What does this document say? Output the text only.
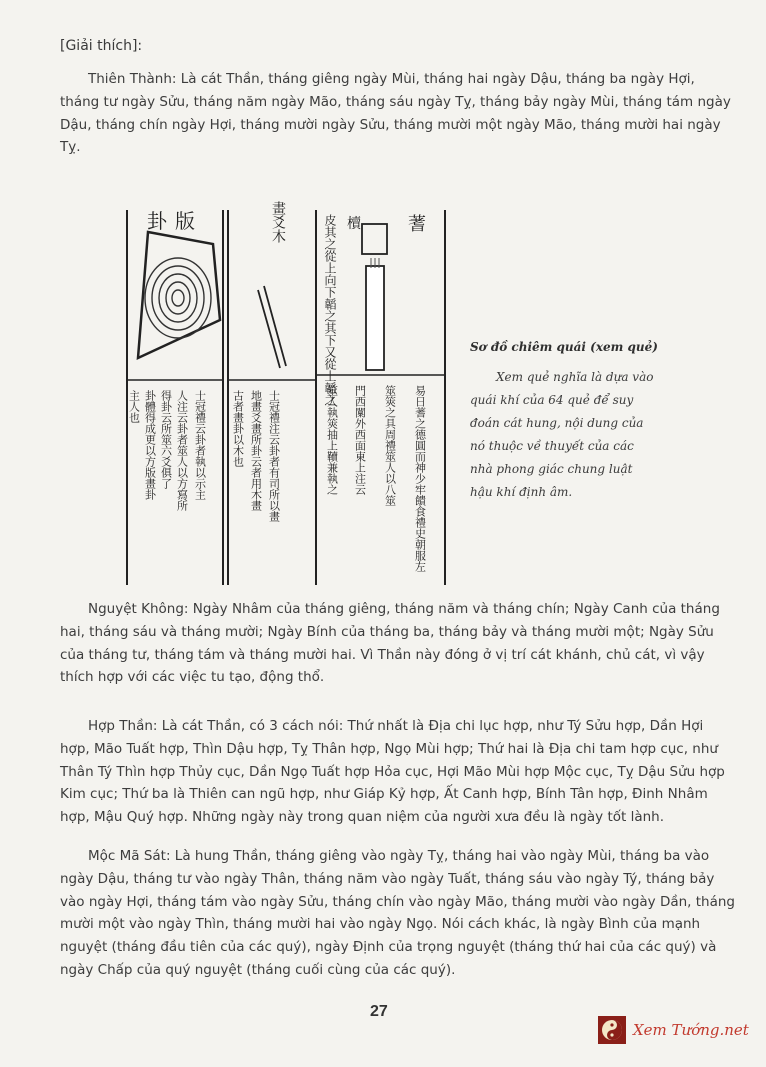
[Giải thích]:

Thiên Thành: Là cát Thần, tháng giêng ngày Mùi, tháng hai ngày Dậu, tháng ba ngày Hợi, tháng tư ngày Sửu, tháng năm ngày Mão, tháng sáu ngày Tỵ, tháng bảy ngày Mùi, tháng tám ngày Dậu, tháng chín ngày Hợi, tháng mười ngày Sửu, tháng mười một ngày Mão, tháng mười hai ngày Tỵ.

卦版	畫爻木	蓍
櫝
皮其之從上向下韜之其下又從上韜之
主人也 卦體得成更以方版畫卦 得卦云所筮六爻俱了 人注云卦者筮人以方寫所 士冠禮云卦者執以示主 古者畫卦以木也 地畫爻畫所卦云者用木畫 士冠禮注云卦者有司所以畫	筮人執筴抽上韇兼執之 門西闑外西面東上注云 筮筴之具周禮筮人以八筮 易日蓍之德圓而神少牢饋食禮史朝服左
Sơ đồ chiêm quái (xem quẻ)

Xem quẻ nghĩa là dựa vào quái khí của 64 quẻ để suy đoán cát hung, nội dung của nó thuộc về thuyết của các nhà phong giác chung luật hậu khí định âm.

Nguyệt Không: Ngày Nhâm của tháng giêng, tháng năm và tháng chín; Ngày Canh của tháng hai, tháng sáu và tháng mười; Ngày Bính của tháng ba, tháng bảy và tháng mười một; Ngày Sửu của tháng tư, tháng tám và tháng mười hai. Vì Thần này đóng ở vị trí cát khánh, chủ cát, vì vậy thích hợp với các việc tu tạo, động thổ.

Hợp Thần: Là cát Thần, có 3 cách nói: Thứ nhất là Địa chi lục hợp, như Tý Sửu hợp, Dần Hợi hợp, Mão Tuất hợp, Thìn Dậu hợp, Tỵ Thân hợp, Ngọ Mùi hợp; Thứ hai là Địa chi tam hợp cục, như Thân Tý Thìn hợp Thủy cục, Dần Ngọ Tuất hợp Hỏa cục, Hợi Mão Mùi hợp Mộc cục, Tỵ Dậu Sửu hợp Kim cục; Thứ ba là Thiên can ngũ hợp, như Giáp Kỷ hợp, Ất Canh hợp, Bính Tân hợp, Đinh Nhâm hợp, Mậu Quý hợp. Những ngày này trong quan niệm của người xưa đều là ngày tốt lành.

Mộc Mã Sát: Là hung Thần, tháng giêng vào ngày Tỵ, tháng hai vào ngày Mùi, tháng ba vào ngày Dậu, tháng tư vào ngày Thân, tháng năm vào ngày Tuất, tháng sáu vào ngày Tý, tháng bảy vào ngày Hợi, tháng tám vào ngày Sửu, tháng chín vào ngày Mão, tháng mười vào ngày Dần, tháng mười một vào ngày Thìn, tháng mười hai vào ngày Ngọ. Nói cách khác, là ngày Bình của mạnh nguyệt (tháng đầu tiên của các quý), ngày Định của trọng nguyệt (tháng thứ hai của các quý) và ngày Chấp của quý nguyệt (tháng cuối cùng của các quý).

27
Xem Tướng.net
